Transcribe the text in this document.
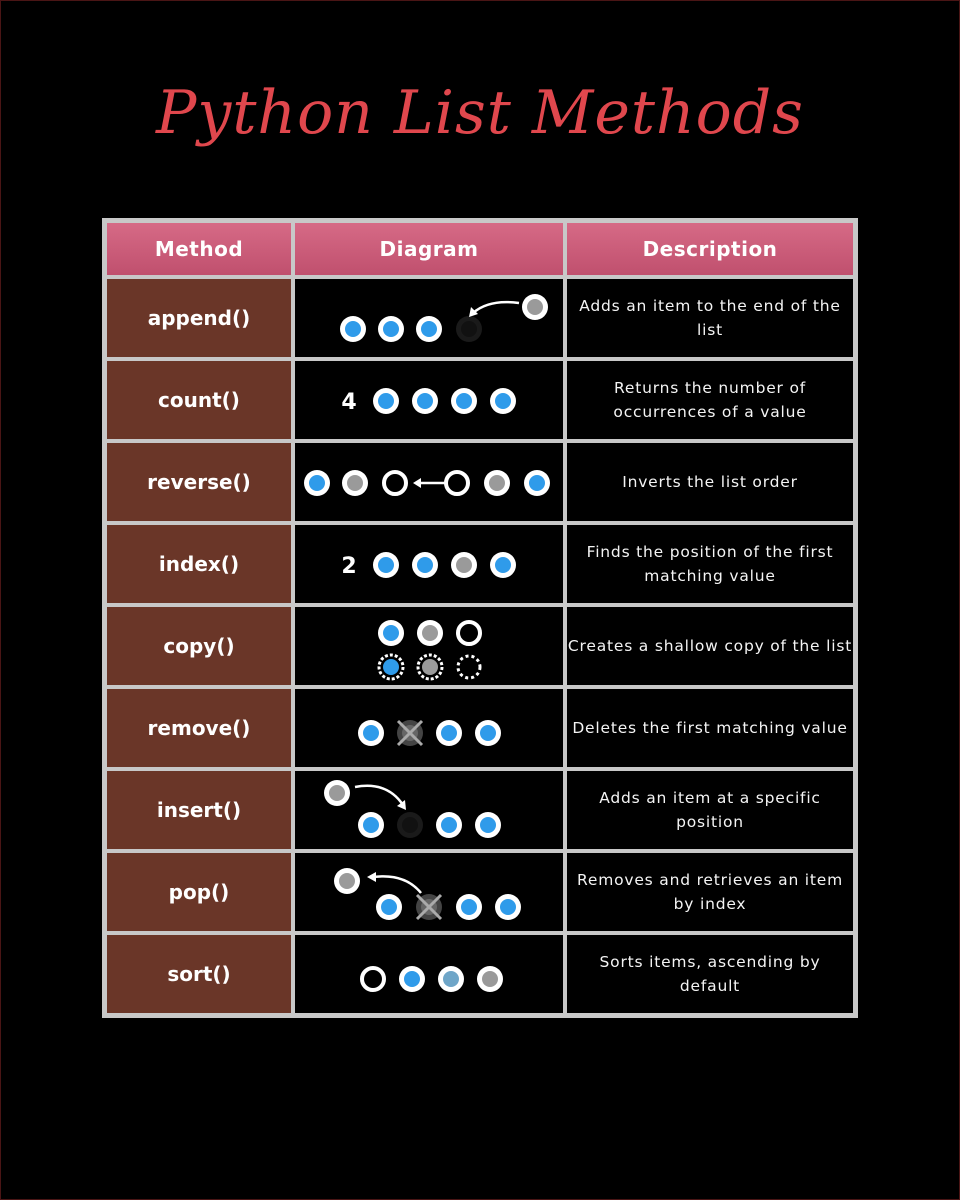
Python List Methods
Method	Diagram	Description
append()		Adds an item to the end of the list
count()	4	Returns the number of occurrences of a value
reverse()		Inverts the list order
index()	2	Finds the position of the first matching value
copy()		Creates a shallow copy of the list
remove()		Deletes the first matching value
insert()		Adds an item at a specific position
pop()		Removes and retrieves an item by index
sort()		Sorts items, ascending by default
